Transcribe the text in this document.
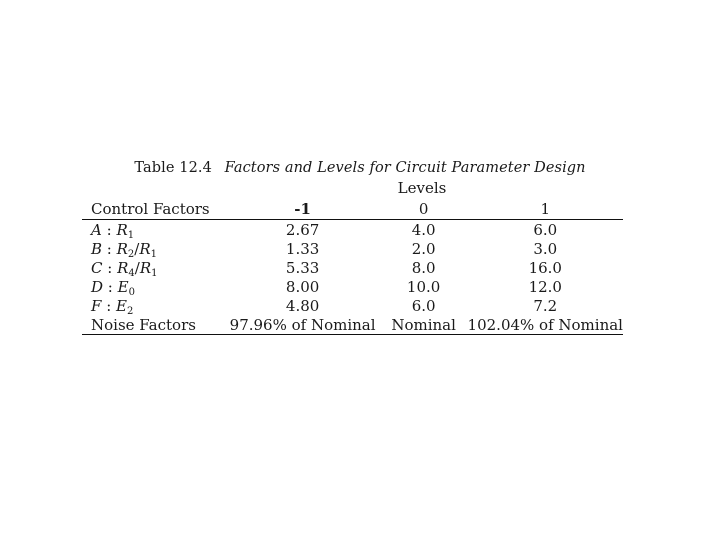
Table 12.4 Factors and Levels for Circuit Parameter Design
Levels
Control Factors	-1	0	1
A : $R_1$	2.67	4.0	6.0
B : $R_2/R_1$	1.33	2.0	3.0
C : $R_4/R_1$	5.33	8.0	16.0
D : $E_0$	8.00	10.0	12.0
F : $E_2$	4.80	6.0	7.2
Noise Factors	97.96% of Nominal	Nominal	102.04% of Nominal
